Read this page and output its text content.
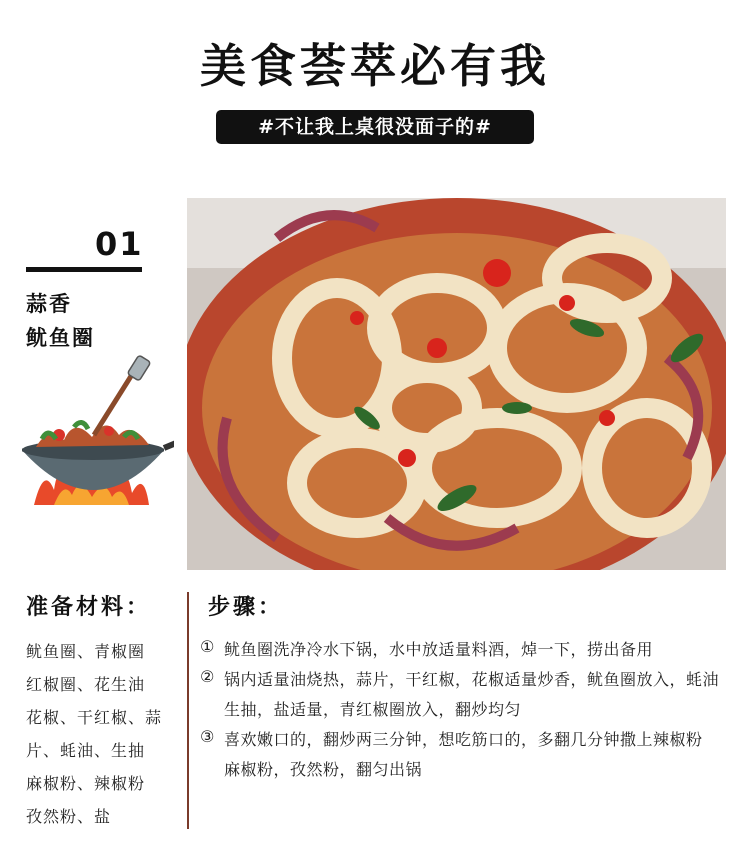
美食荟萃必有我
#不让我上桌很没面子的#
01
蒜香
鱿鱼圈
准备材料：
鱿鱼圈、青椒圈
红椒圈、花生油
花椒、干红椒、蒜
片、蚝油、生抽
麻椒粉、辣椒粉
孜然粉、盐
步骤：
① 鱿鱼圈洗净冷水下锅，水中放适量料酒，焯一下，捞出备用
② 锅内适量油烧热，蒜片，干红椒，花椒适量炒香，鱿鱼圈放入，蚝油
生抽，盐适量，青红椒圈放入，翻炒均匀
③ 喜欢嫩口的，翻炒两三分钟，想吃筋口的，多翻几分钟撒上辣椒粉
麻椒粉，孜然粉，翻匀出锅
